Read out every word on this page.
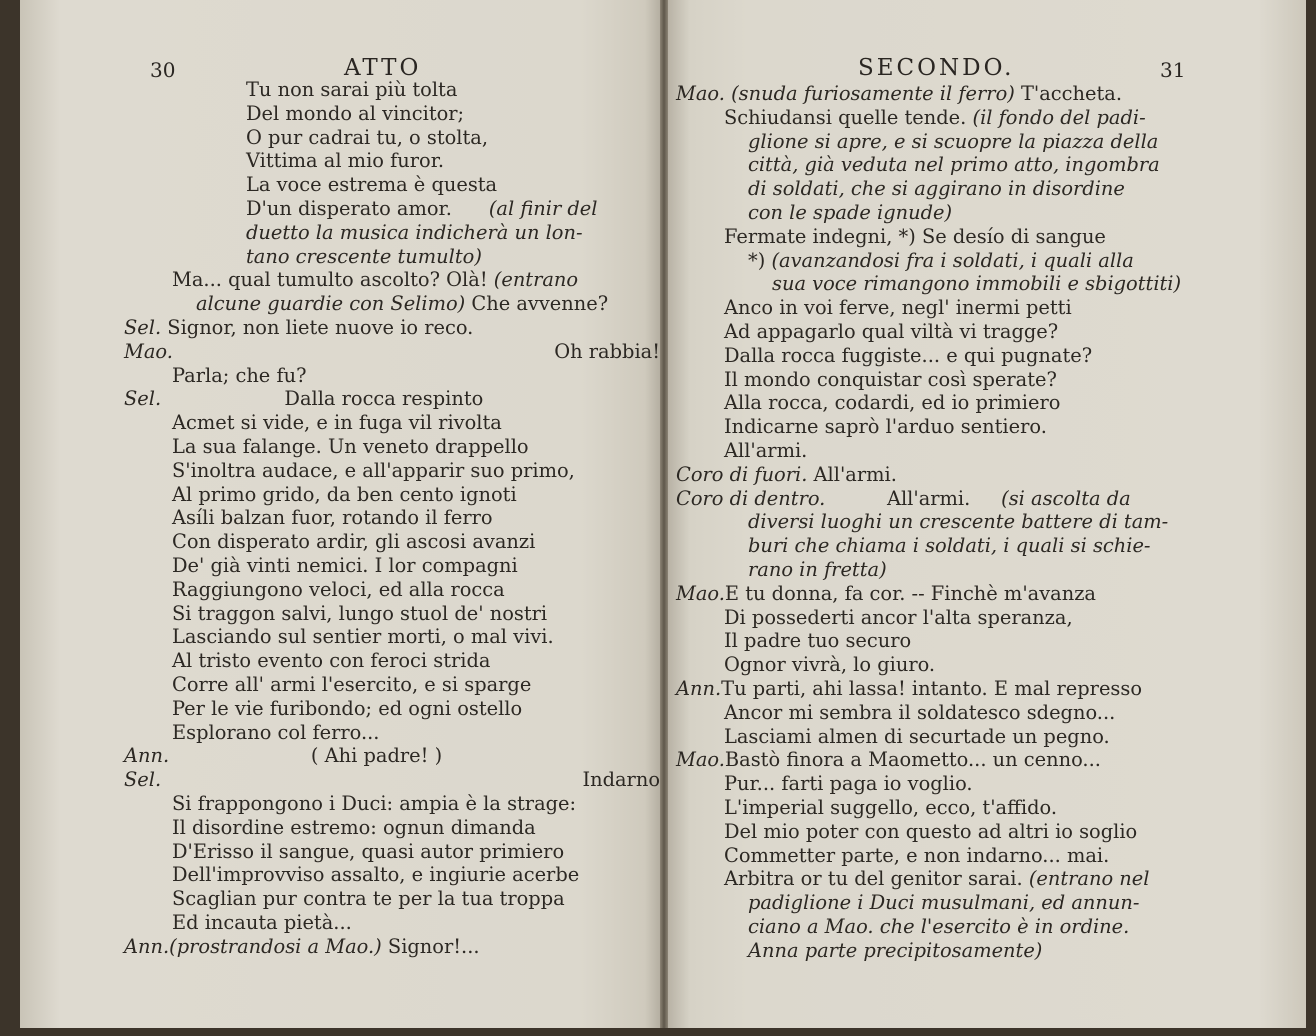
30	ATTO
Tu non sarai più tolta
Del mondo al vincitor;
O pur cadrai tu, o stolta,
Vittima al mio furor.
La voce estrema è questa
D'un disperato amor.      (al finir del
duetto la musica indicherà un lon-
tano crescente tumulto)
Ma... qual tumulto ascolto? Olà! (entrano
alcune guardie con Selimo) Che avvenne?
Sel. Signor, non liete nuove io reco.
Mao.	Oh rabbia!
Parla; che fu?
Sel.                    Dalla rocca respinto
Acmet si vide, e in fuga vil rivolta
La sua falange. Un veneto drappello
S'inoltra audace, e all'apparir suo primo,
Al primo grido, da ben cento ignoti
Asíli balzan fuor, rotando il ferro
Con disperato ardir, gli ascosi avanzi
De' già vinti nemici. I lor compagni
Raggiungono veloci, ed alla rocca
Si traggon salvi, lungo stuol de' nostri
Lasciando sul sentier morti, o mal vivi.
Al tristo evento con feroci strida
Corre all' armi l'esercito, e si sparge
Per le vie furibondo; ed ogni ostello
Esplorano col ferro...
Ann.                       ( Ahi padre! )
Sel.	Indarno
Si frappongono i Duci: ampia è la strage:
Il disordine estremo: ognun dimanda
D'Erisso il sangue, quasi autor primiero
Dell'improvviso assalto, e ingiurie acerbe
Scaglian pur contra te per la tua troppa
Ed incauta pietà...
Ann.(prostrandosi a Mao.) Signor!...
SECONDO.	31
Mao. (snuda furiosamente il ferro) T'accheta.
Schiudansi quelle tende. (il fondo del padi-
glione si apre, e si scuopre la piazza della
città, già veduta nel primo atto, ingombra
di soldati, che si aggirano in disordine
con le spade ignude)
Fermate indegni, *) Se desío di sangue
*) (avanzandosi fra i soldati, i quali alla
sua voce rimangono immobili e sbigottiti)
Anco in voi ferve, negl' inermi petti
Ad appagarlo qual viltà vi tragge?
Dalla rocca fuggiste... e qui pugnate?
Il mondo conquistar così sperate?
Alla rocca, codardi, ed io primiero
Indicarne saprò l'arduo sentiero.
All'armi.
Coro di fuori. All'armi.
Coro di dentro.          All'armi.     (si ascolta da
diversi luoghi un crescente battere di tam-
buri che chiama i soldati, i quali si schie-
rano in fretta)
Mao.E tu donna, fa cor. -- Finchè m'avanza
Di possederti ancor l'alta speranza,
Il padre tuo securo
Ognor vivrà, lo giuro.
Ann.Tu parti, ahi lassa! intanto. E mal represso
Ancor mi sembra il soldatesco sdegno...
Lasciami almen di securtade un pegno.
Mao.Bastò finora a Maometto... un cenno...
Pur... farti paga io voglio.
L'imperial suggello, ecco, t'affido.
Del mio poter con questo ad altri io soglio
Commetter parte, e non indarno... mai.
Arbitra or tu del genitor sarai. (entrano nel
padiglione i Duci musulmani, ed annun-
ciano a Mao. che l'esercito è in ordine.
Anna parte precipitosamente)
